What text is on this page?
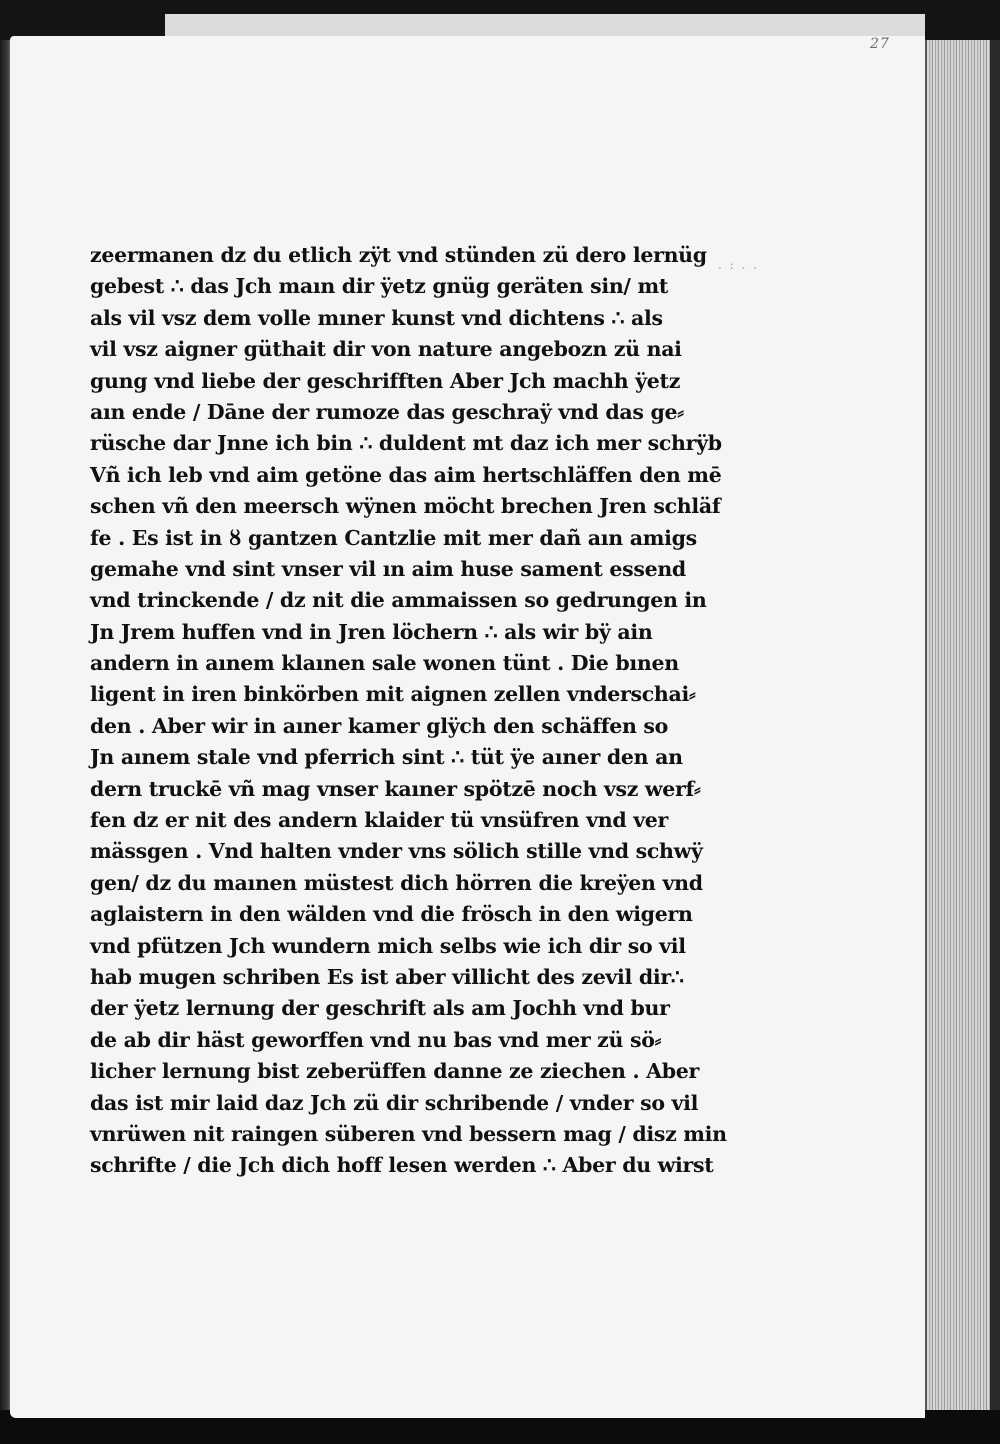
27
. : . .
zeermanen dz du etlich zÿt vnd stünden zü dero lernüg
gebest ∴ das Jch maın dir ÿetz gnüg geräten sin/ mt
als vil vsz dem volle mıner kunst vnd dichtens ∴ als
vil vsz aigner güthait dir von nature angebozn zü nai
gung vnd liebe der geschrifften Aber Jch machh ÿetz
aın ende / Dāne der rumoze das geschraÿ vnd das ge⸗
rüsche dar Jnne ich bin ∴ duldent mt daz ich mer schrÿb
Vñ ich leb vnd aim getöne das aim hertschläffen den mē
schen vñ den meersch wÿnen möcht brechen Jren schläf
fe . Es ist in ȣ gantzen Cantzlie mit mer dañ aın amigs
gemahe vnd sint vnser vil ın aim huse sament essend
vnd trinckende / dz nit die ammaissen so gedrungen in
Jn Jrem huffen vnd in Jren löchern ∴ als wir bÿ ain
andern in aınem klaınen sale wonen tünt . Die bınen
ligent in iren binkörben mit aignen zellen vnderschai⸗
den . Aber wir in aıner kamer glÿch den schäffen so
Jn aınem stale vnd pferrich sint ∴ tüt ÿe aıner den an
dern truckē vñ mag vnser kaıner spötzē noch vsz werf⸗
fen dz er nit des andern klaider tü vnsüfren vnd ver
mässgen . Vnd halten vnder vns sölich stille vnd schwÿ
gen/ dz du maınen müstest dich hörren die kreÿen vnd
aglaistern in den wälden vnd die frösch in den wigern
vnd pfützen Jch wundern mich selbs wie ich dir so vil
hab mugen schriben Es ist aber villicht des zevil dir∴
der ÿetz lernung der geschrift als am Jochh vnd bur
de ab dir häst geworffen vnd nu bas vnd mer zü sö⸗
licher lernung bist zeberüffen danne ze ziechen . Aber
das ist mir laid daz Jch zü dir schribende / vnder so vil
vnrüwen nit raingen süberen vnd bessern mag / disz min
schrifte / die Jch dich hoff lesen werden ∴ Aber du wirst
